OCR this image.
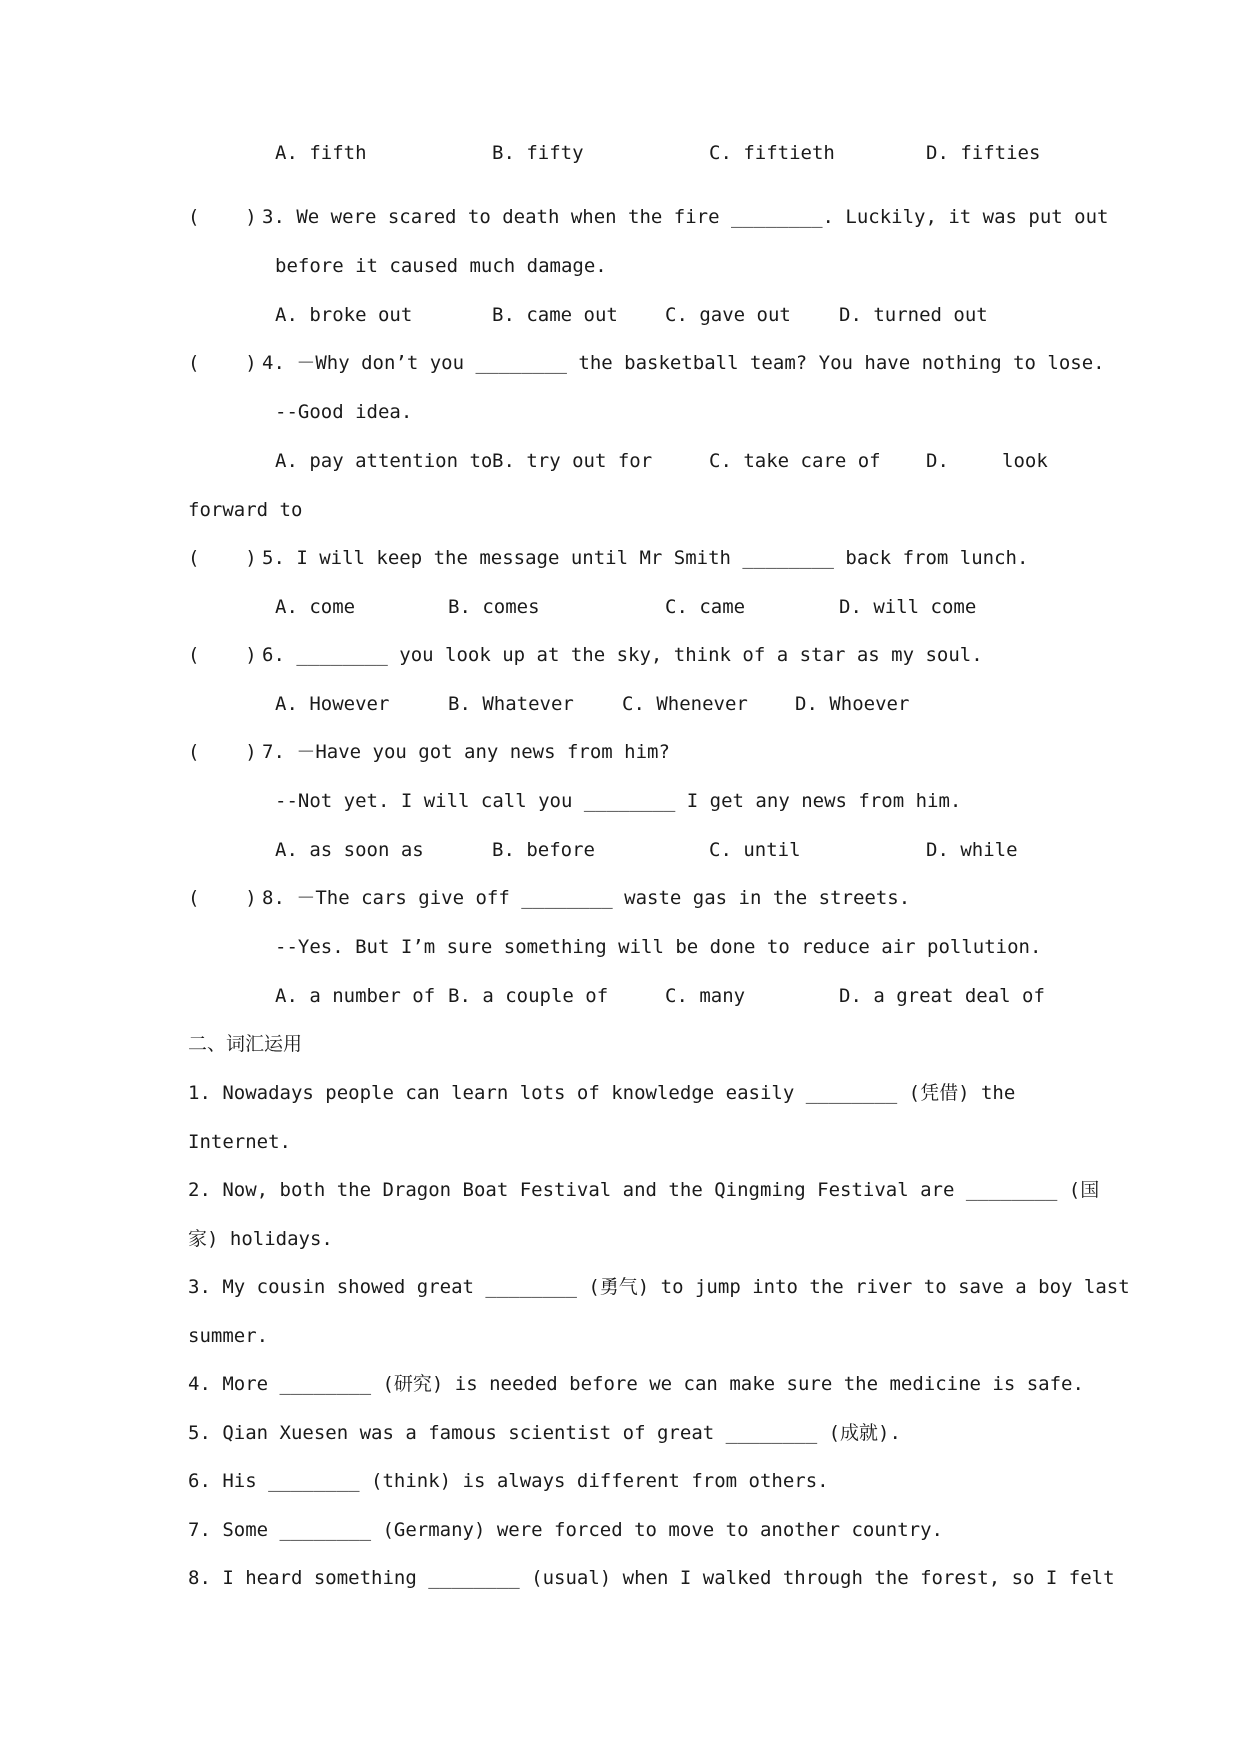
A. fifth	B. fifty	C. fiftieth	D. fifties
(    ) 3. We were scared to death when the fire ________. Luckily, it was put out
before it caused much damage.
A. broke out	B. came out C. gave out	D. turned out
(    ) 4. －Why don’t you ________ the basketball team? You have nothing to lose.
--Good idea.
A. pay attention to B. try out for	C. take care of D.	look
forward to
(    ) 5. I will keep the message until Mr Smith ________ back from lunch.
A. come	B. comes	C. came	D. will come
(    ) 6. ________ you look up at the sky, think of a star as my soul.
A. However	B. Whatever	C. Whenever D. Whoever
(    ) 7. －Have you got any news from him?
--Not yet. I will call you ________ I get any news from him.
A. as soon as	B. before	C. until	D. while
(    ) 8. －The cars give off ________ waste gas in the streets.
--Yes. But I’m sure something will be done to reduce air pollution.
A. a number of B. a couple of	C. many	D. a great deal of
二、词汇运用
1. Nowadays people can learn lots of knowledge easily ________ (凭借) the
Internet.
2. Now, both the Dragon Boat Festival and the Qingming Festival are ________ (国
家) holidays.
3. My cousin showed great ________ (勇气) to jump into the river to save a boy last
summer.
4. More ________ (研究) is needed before we can make sure the medicine is safe.
5. Qian Xuesen was a famous scientist of great ________ (成就).
6. His ________ (think) is always different from others.
7. Some ________ (Germany) were forced to move to another country.
8. I heard something ________ (usual) when I walked through the forest, so I felt
